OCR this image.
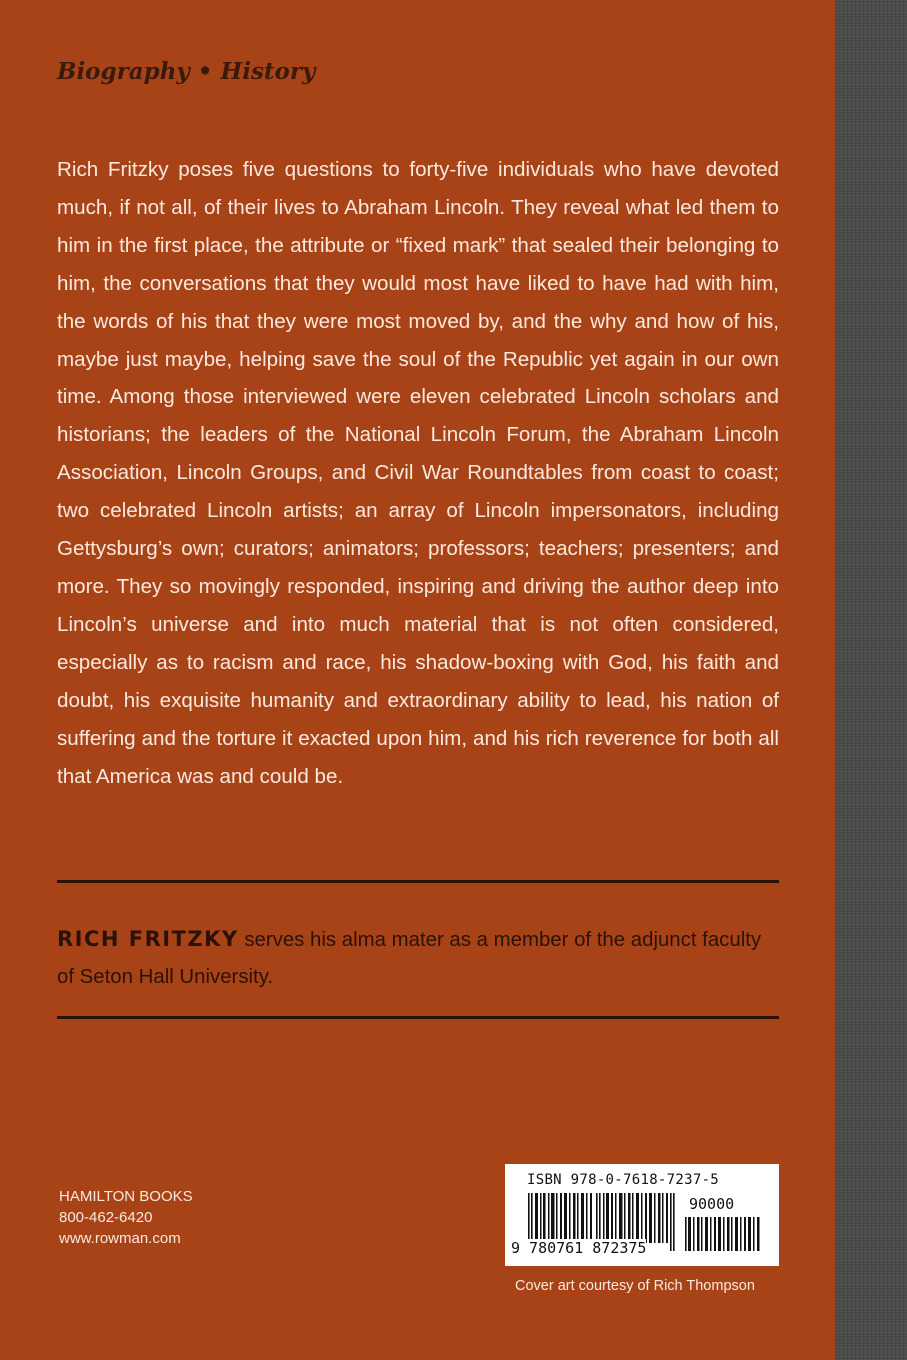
Biography • History
Rich Fritzky poses five questions to forty-five individuals who have devoted much, if not all, of their lives to Abraham Lincoln. They reveal what led them to him in the first place, the attribute or “fixed mark” that sealed their belonging to him, the conversations that they would most have liked to have had with him, the words of his that they were most moved by, and the why and how of his, maybe just maybe, helping save the soul of the Republic yet again in our own time. Among those interviewed were eleven celebrated Lincoln scholars and historians; the leaders of the National Lincoln Forum, the Abraham Lincoln Association, Lincoln Groups, and Civil War Roundtables from coast to coast; two celebrated Lincoln artists; an array of Lincoln impersonators, including Gettysburg’s own; curators; animators; professors; teachers; presenters; and more. They so movingly responded, inspiring and driving the author deep into Lincoln’s universe and into much material that is not often considered, especially as to racism and race, his shadow-boxing with God, his faith and doubt, his exquisite humanity and extraordinary ability to lead, his nation of suffering and the torture it exacted upon him, and his rich reverence for both all that America was and could be.
RICH FRITZKY serves his alma mater as a member of the adjunct faculty of Seton Hall University.
HAMILTON BOOKS
800-462-6420
www.rowman.com
ISBN 978-0-7618-7237-5
90000
9 780761 872375
Cover art courtesy of Rich Thompson
